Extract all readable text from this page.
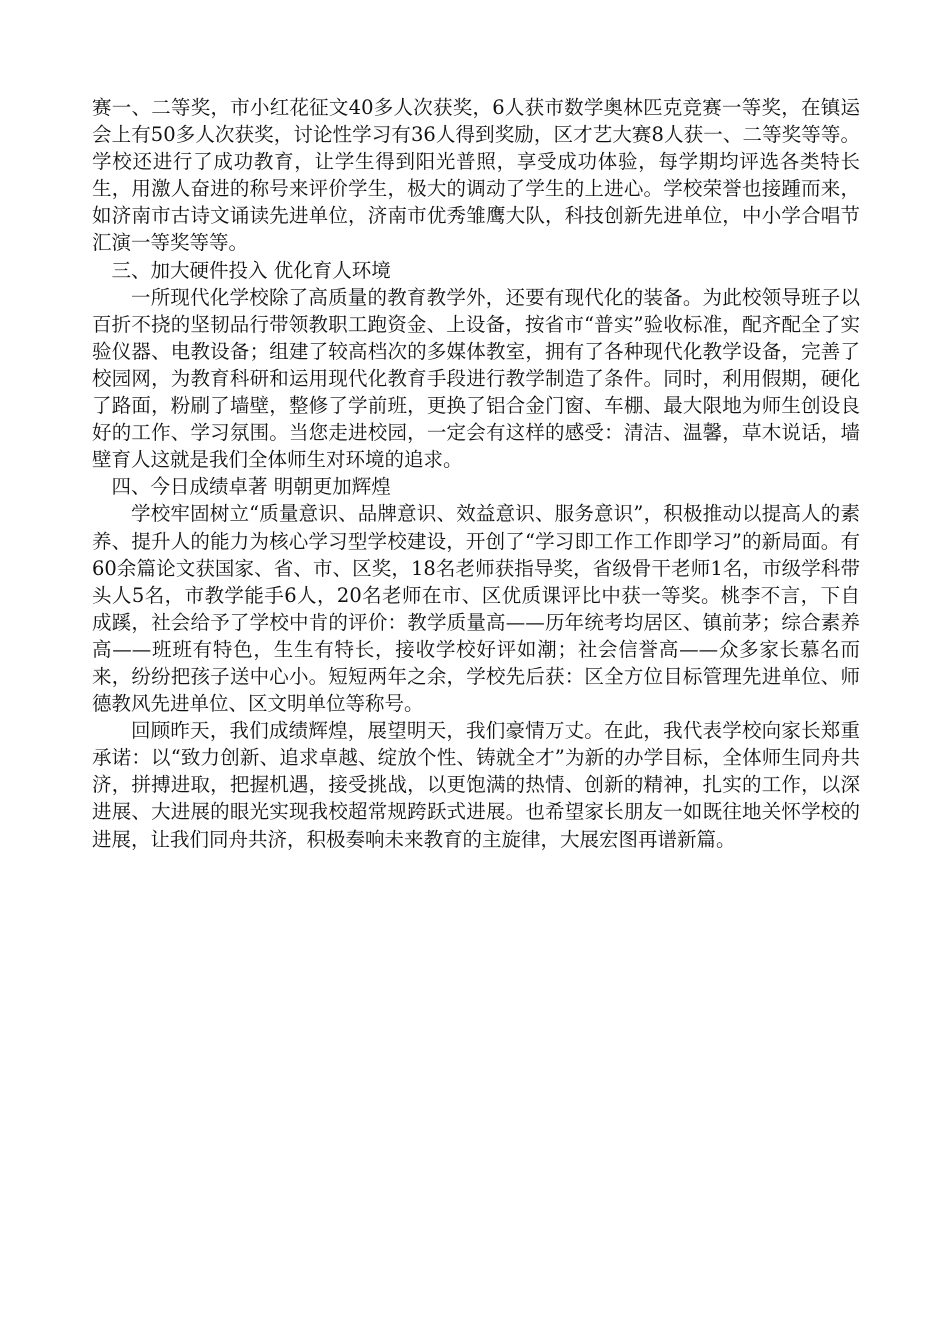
赛一、二等奖，市小红花征文40多人次获奖，6人获市数学奥林匹克竞赛一等奖，在镇运会上有50多人次获奖，讨论性学习有36人得到奖励，区才艺大赛8人获一、二等奖等等。学校还进行了成功教育，让学生得到阳光普照，享受成功体验，每学期均评选各类特长生，用激人奋进的称号来评价学生，极大的调动了学生的上进心。学校荣誉也接踵而来，如济南市古诗文诵读先进单位，济南市优秀雏鹰大队，科技创新先进单位，中小学合唱节汇演一等奖等等。

三、加大硬件投入 优化育人环境

一所现代化学校除了高质量的教育教学外，还要有现代化的装备。为此校领导班子以百折不挠的坚韧品行带领教职工跑资金、上设备，按省市“普实”验收标准，配齐配全了实验仪器、电教设备；组建了较高档次的多媒体教室，拥有了各种现代化教学设备，完善了校园网，为教育科研和运用现代化教育手段进行教学制造了条件。同时，利用假期，硬化了路面，粉刷了墙壁，整修了学前班，更换了铝合金门窗、车棚、最大限地为师生创设良好的工作、学习氛围。当您走进校园，一定会有这样的感受：清洁、温馨，草木说话，墙壁育人这就是我们全体师生对环境的追求。

四、今日成绩卓著 明朝更加辉煌

学校牢固树立“质量意识、品牌意识、效益意识、服务意识”，积极推动以提高人的素养、提升人的能力为核心学习型学校建设，开创了“学习即工作工作即学习”的新局面。有60余篇论文获国家、省、市、区奖，18名老师获指导奖，省级骨干老师1名，市级学科带头人5名，市教学能手6人，20名老师在市、区优质课评比中获一等奖。桃李不言，下自成蹊，社会给予了学校中肯的评价：教学质量高——历年统考均居区、镇前茅；综合素养高——班班有特色，生生有特长，接收学校好评如潮；社会信誉高——众多家长慕名而来，纷纷把孩子送中心小。短短两年之余，学校先后获：区全方位目标管理先进单位、师德教风先进单位、区文明单位等称号。

回顾昨天，我们成绩辉煌，展望明天，我们豪情万丈。在此，我代表学校向家长郑重承诺：以“致力创新、追求卓越、绽放个性、铸就全才”为新的办学目标，全体师生同舟共济，拼搏进取，把握机遇，接受挑战，以更饱满的热情、创新的精神，扎实的工作，以深进展、大进展的眼光实现我校超常规跨跃式进展。也希望家长朋友一如既往地关怀学校的进展，让我们同舟共济，积极奏响未来教育的主旋律，大展宏图再谱新篇。
